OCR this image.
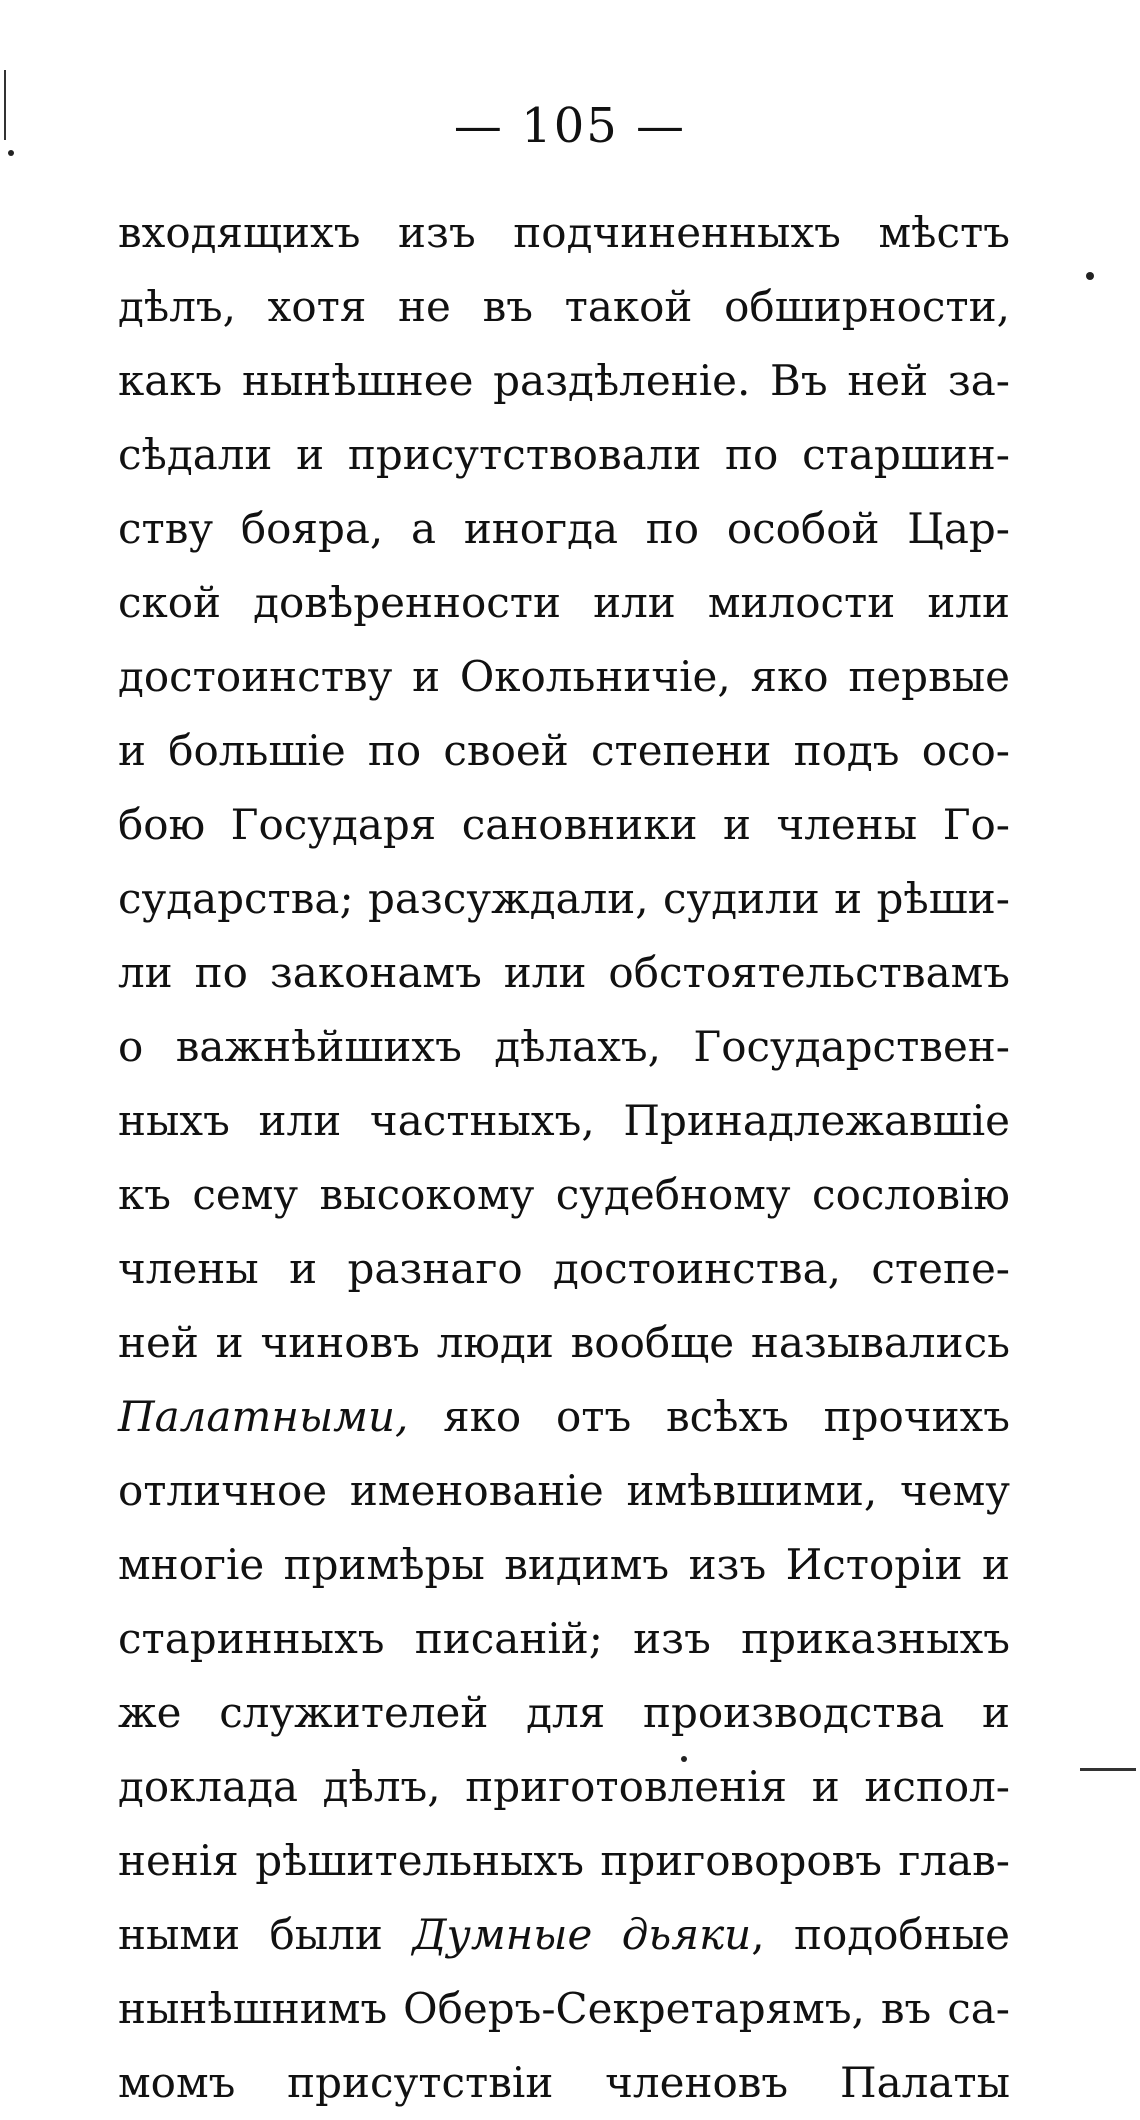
— 105 —
входящихъ изъ подчиненныхъ мѣстъ
дѣлъ, хотя не въ такой обширности,
какъ нынѣшнее раздѣленіе. Въ ней за-
сѣдали и присутствовали по старшин-
ству бояра, а иногда по особой Цар-
ской довѣренности или милости или
достоинству и Окольничіе, яко первые
и большіе по своей степени подъ осо-
бою Государя сановники и члены Го-
сударства; разсуждали, судили и рѣши-
ли по законамъ или обстоятельствамъ
о важнѣйшихъ дѣлахъ, Государствен-
ныхъ или частныхъ, Принадлежавшіе
къ сему высокому судебному сословію
члены и разнаго достоинства, степе-
ней и чиновъ люди вообще назывались
Палатными, яко отъ всѣхъ прочихъ
отличное именованіе имѣвшими, чему
многіе примѣры видимъ изъ Исторіи и
старинныхъ писаній; изъ приказныхъ
же служителей для производства и
доклада дѣлъ, приготовленія и испол-
ненія рѣшительныхъ приговоровъ глав-
ными были Думные дьяки, подобные
нынѣшнимъ Оберъ-Секретарямъ, въ са-
момъ присутствіи членовъ Палаты
